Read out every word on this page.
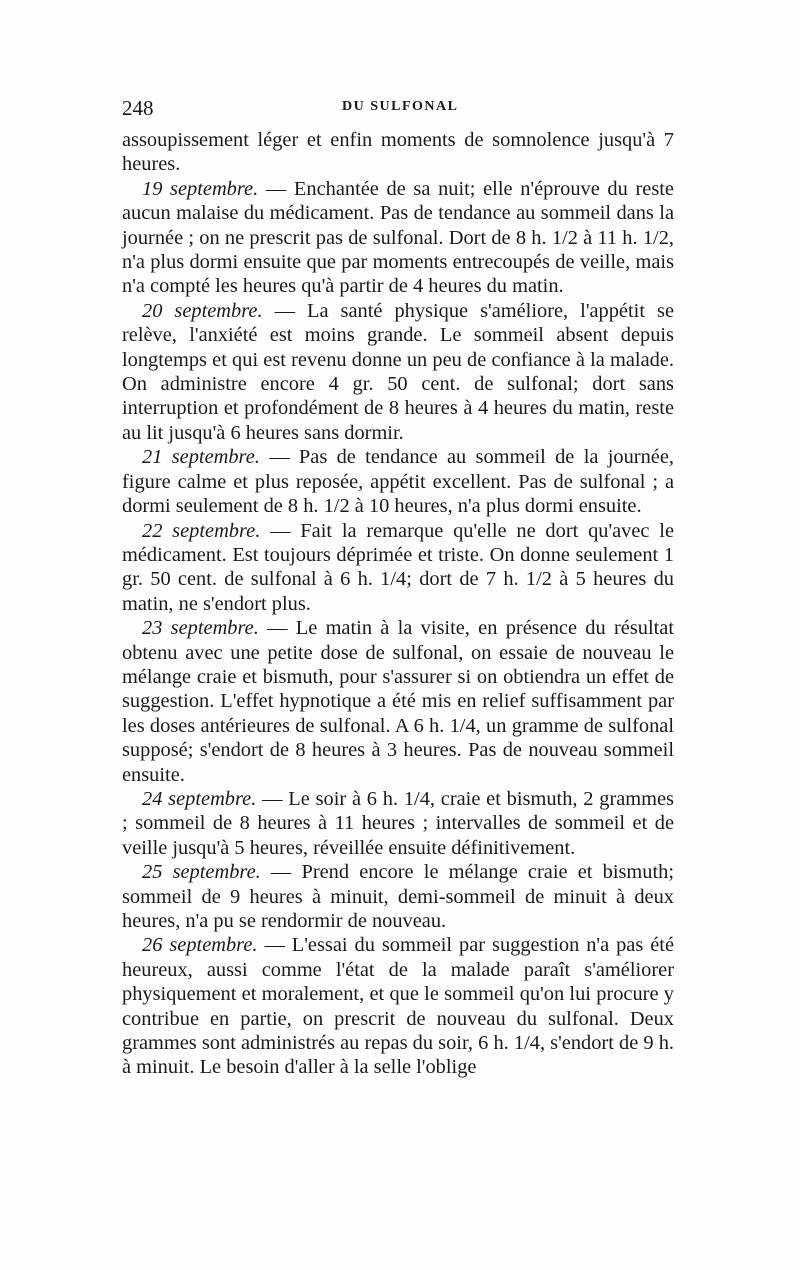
248	DU SULFONAL

assoupissement léger et enfin moments de somnolence jusqu'à 7 heures.

19 septembre. — Enchantée de sa nuit; elle n'éprouve du reste aucun malaise du médicament. Pas de tendance au sommeil dans la journée ; on ne prescrit pas de sulfonal. Dort de 8 h. 1/2 à 11 h. 1/2, n'a plus dormi ensuite que par moments entrecoupés de veille, mais n'a compté les heures qu'à partir de 4 heures du matin.

20 septembre. — La santé physique s'améliore, l'appétit se relève, l'anxiété est moins grande. Le sommeil absent depuis longtemps et qui est revenu donne un peu de confiance à la malade. On administre encore 4 gr. 50 cent. de sulfonal; dort sans interruption et profondément de 8 heures à 4 heures du matin, reste au lit jusqu'à 6 heures sans dormir.

21 septembre. — Pas de tendance au sommeil de la journée, figure calme et plus reposée, appétit excellent. Pas de sulfonal ; a dormi seulement de 8 h. 1/2 à 10 heures, n'a plus dormi ensuite.

22 septembre. — Fait la remarque qu'elle ne dort qu'avec le médicament. Est toujours déprimée et triste. On donne seulement 1 gr. 50 cent. de sulfonal à 6 h. 1/4; dort de 7 h. 1/2 à 5 heures du matin, ne s'endort plus.

23 septembre. — Le matin à la visite, en présence du résultat obtenu avec une petite dose de sulfonal, on essaie de nouveau le mélange craie et bismuth, pour s'assurer si on obtiendra un effet de suggestion. L'effet hypnotique a été mis en relief suffisamment par les doses antérieures de sulfonal. A 6 h. 1/4, un gramme de sulfonal supposé; s'endort de 8 heures à 3 heures. Pas de nouveau sommeil ensuite.

24 septembre. — Le soir à 6 h. 1/4, craie et bismuth, 2 grammes ; sommeil de 8 heures à 11 heures ; intervalles de sommeil et de veille jusqu'à 5 heures, réveillée ensuite définitivement.

25 septembre. — Prend encore le mélange craie et bismuth; sommeil de 9 heures à minuit, demi-sommeil de minuit à deux heures, n'a pu se rendormir de nouveau.

26 septembre. — L'essai du sommeil par suggestion n'a pas été heureux, aussi comme l'état de la malade paraît s'améliorer physiquement et moralement, et que le sommeil qu'on lui procure y contribue en partie, on prescrit de nouveau du sulfonal. Deux grammes sont administrés au repas du soir, 6 h. 1/4, s'endort de 9 h. à minuit. Le besoin d'aller à la selle l'oblige
